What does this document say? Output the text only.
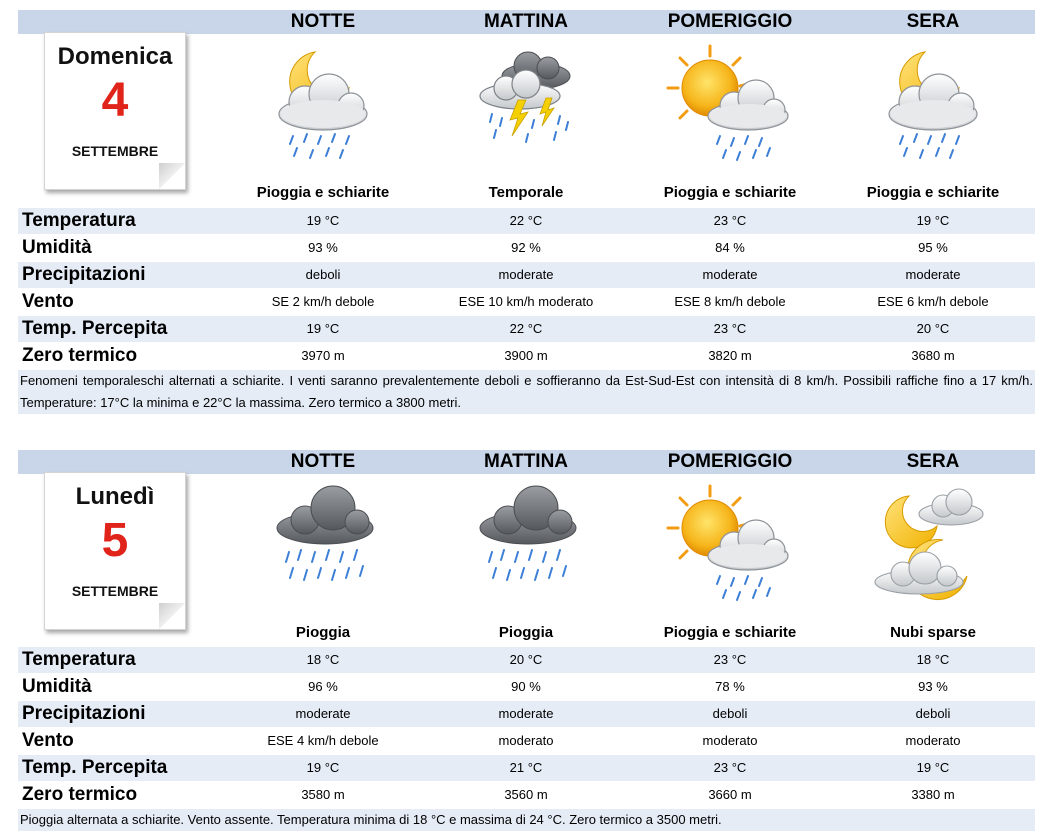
NOTTE	MATTINA	POMERIGGIO	SERA
Domenica
4
SETTEMBRE
Pioggia e schiarite	Temporale	Pioggia e schiarite	Pioggia e schiarite
Temperatura	19 °C	22 °C	23 °C	19 °C
Umidità	93 %	92 %	84 %	95 %
Precipitazioni	deboli	moderate	moderate	moderate
Vento	SE 2 km/h debole	ESE 10 km/h moderato	ESE 8 km/h debole	ESE 6 km/h debole
Temp. Percepita	19 °C	22 °C	23 °C	20 °C
Zero termico	3970 m	3900 m	3820 m	3680 m
Fenomeni temporaleschi alternati a schiarite. I venti saranno prevalentemente deboli e soffieranno da Est-Sud-Est con intensità di 8 km/h. Possibili raffiche fino a 17 km/h. Temperature: 17°C la minima e 22°C la massima. Zero termico a 3800 metri.
NOTTE	MATTINA	POMERIGGIO	SERA
Lunedì
5
SETTEMBRE
Pioggia	Pioggia	Pioggia e schiarite	Nubi sparse
Temperatura	18 °C	20 °C	23 °C	18 °C
Umidità	96 %	90 %	78 %	93 %
Precipitazioni	moderate	moderate	deboli	deboli
Vento	ESE 4 km/h debole	moderato	moderato	moderato
Temp. Percepita	19 °C	21 °C	23 °C	19 °C
Zero termico	3580 m	3560 m	3660 m	3380 m
Pioggia alternata a schiarite. Vento assente. Temperatura minima di 18 °C e massima di 24 °C. Zero termico a 3500 metri.
